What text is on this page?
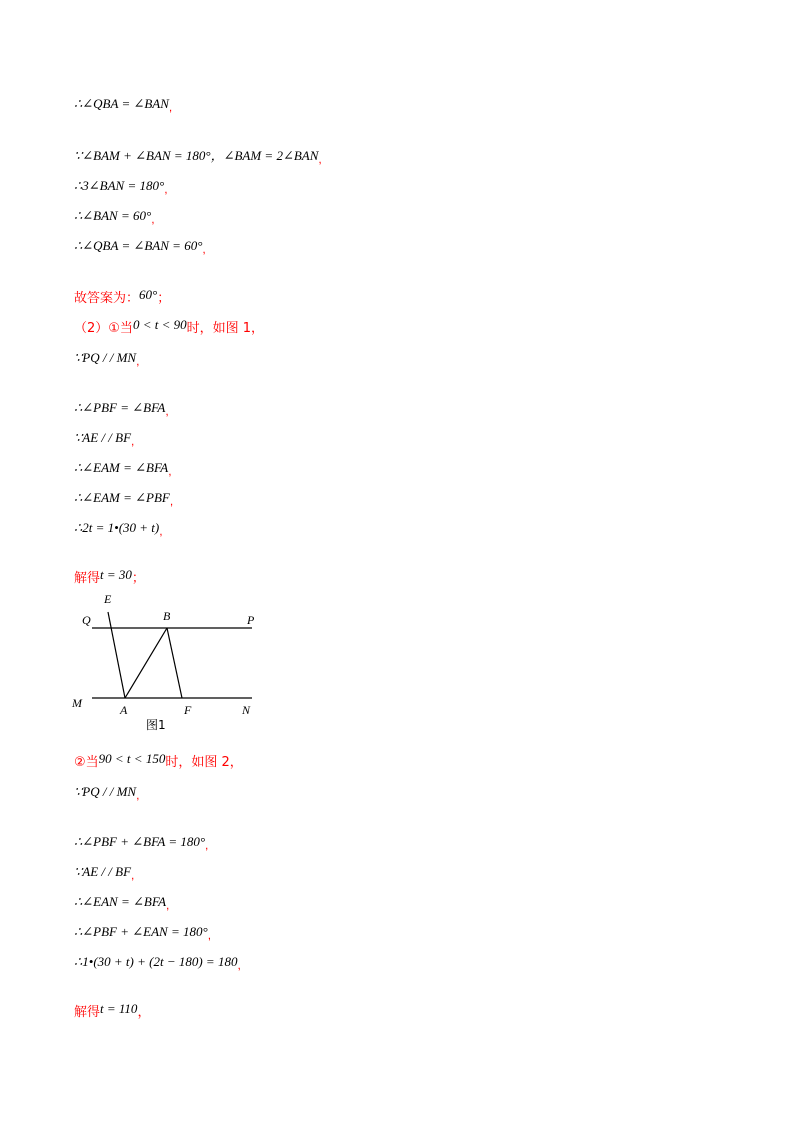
∴∠QBA = ∠BAN,
∵∠BAM + ∠BAN = 180°，∠BAM = 2∠BAN,
∴3∠BAN = 180°,
∴∠BAN = 60°,
∴∠QBA = ∠BAN = 60°,
故答案为：60°；
（2）①当0 < t < 90时，如图 1，
∵PQ / / MN,
∴∠PBF = ∠BFA,
∵AE / / BF,
∴∠EAM = ∠BFA,
∴∠EAM = ∠PBF,
∴2t = 1•(30 + t),
解得t = 30；
E
Q	B	P
M	A	F	N
图1
②当90 < t < 150时，如图 2，
∵PQ / / MN,
∴∠PBF + ∠BFA = 180°,
∵AE / / BF,
∴∠EAN = ∠BFA,
∴∠PBF + ∠EAN = 180°,
∴1•(30 + t) + (2t − 180) = 180,
解得t = 110，
